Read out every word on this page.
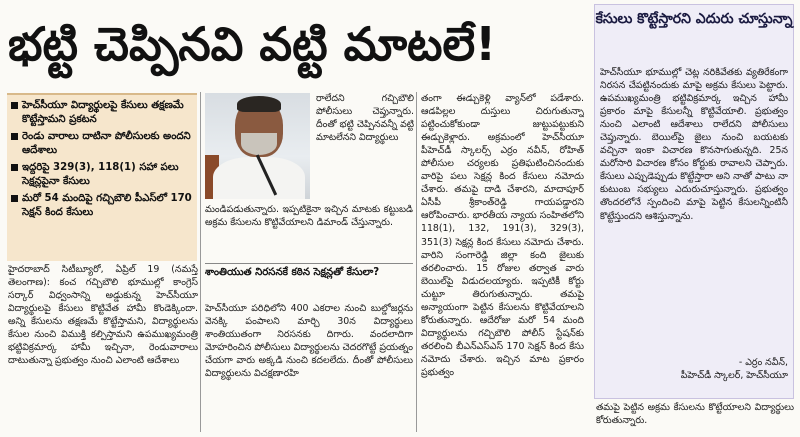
భట్టి చెప్పినవి వట్టి మాటలే!
హెచ్‌సీయూ విద్యార్థులపై కేసులు తక్షణమే కొట్టేస్తామని ప్రకటన
రెండు వారాలు దాటినా పోలీసులకు అందని ఆదేశాలు
ఇద్దరిపై 329(3), 118(1) సహా పలు సెక్షన్లపైనా కేసులు
మరో 54 మందిపై గచ్చిబౌలి పీఎస్‌లో 170 సెక్షన్ కింద కేసులు
హైదరాబాద్ సిటీబ్యూరో, ఏప్రిల్ 19 (నమస్తే తెలంగాణ): కంచ గచ్చిబౌలి భూముల్లో కాంగ్రెస్ సర్కార్ విధ్వంసాన్ని అడ్డుకున్న హెచ్‌సీయూ విద్యార్థులపై కేసులు కొట్టివేత హామీ కొండెక్కిందా. అన్ని కేసులను తక్షణమే కొట్టేస్తామని, విద్యార్థులను కేసుల నుంచి విముక్తి కల్పిస్తామని ఉపముఖ్యమంత్రి భట్టివిక్రమార్క హామీ ఇచ్చినా, రెండువారాలు దాటుతున్నా ప్రభుత్వం నుంచి ఎలాంటి ఆదేశాలు
రాలేదని గచ్చిబౌలి పోలీసులు చెప్తున్నారు. దీంతో భట్టి చెప్పినవన్నీ వట్టి మాటలేనని విద్యార్థులు
మండిపడుతున్నారు. ఇప్పటికైనా ఇచ్చిన మాటకు కట్టుబడి అక్రమ కేసులను కొట్టివేయాలని డిమాండ్ చేస్తున్నారు.
శాంతియుత నిరసనకే కఠిన సెక్షన్లతో కేసులా?
హెచ్‌సీయూ పరిధిలోని 400 ఎకరాల నుంచి బుల్డోజర్లను వెనక్కి పంపాలని మార్చి 30న విద్యార్థులు శాంతియుతంగా నిరసనకు దిగారు. వందలాదిగా మోహరించిన పోలీసులు విద్యార్థులను చెదరగొట్టే ప్రయత్నం చేయగా వారు అక్కడి నుంచి కదలలేదు. దీంతో పోలీసులు విద్యార్థులను విచక్షణారహి
తంగా ఈడ్చుకెళ్లి వ్యాన్‌లో పడేశారు. ఆడపిల్లల దుస్తులు చిరుగుతున్నా పట్టించుకోకుండా జుట్టుపట్టుకుని ఈడ్చుకెళ్లారు. అక్రమంలో హెచ్‌సీయూ పీహెచ్‌డీ స్కాలర్స్ ఎర్రం నవీన్, రోహిత్ పోలీసుల చర్యలకు ప్రతిఘటించినందుకు వారిపై పలు సెక్షన్ల కింద కేసులు నమోదు చేశారు. తమపై దాడి చేశారని, మాదాపూర్ ఏసీపీ శ్రీకాంత్‌రెడ్డి గాయపడ్డారని ఆరోపించారు. భారతీయ న్యాయ సంహితలోని 118(1), 132, 191(3), 329(3), 351(3) సెక్షన్ల కింద కేసులు నమోదు చేశారు. వారిని సంగారెడ్డి జిల్లా కంది జైలుకు తరలించారు. 15 రోజుల తర్వాత వారు బెయిల్‌పై విడుదలయ్యారు. ఇప్పటికీ కోర్టు చుట్టూ తిరుగుతున్నారు. తమపై అన్యాయంగా పెట్టిన కేసులను కొట్టివేయాలని కోరుతున్నారు. ఆదేరోజు మరో 54 మంది విద్యార్థులను గచ్చిబౌలి పోలీస్ స్టేషన్‌కు తరలించి బీఎన్ఎస్ఎస్ 170 సెక్షన్ కింద కేసు నమోదు చేశారు. ఇచ్చిన మాట ప్రకారం ప్రభుత్వం
కేసులు కొట్టేస్తారని ఎదురు చూస్తున్నా
హెచ్‌సీయూ భూముల్లో చెట్ల నరికివేతకు వ్యతిరేకంగా నిరసన చేపట్టినందుకు మాపై అక్రమ కేసులు పెట్టారు. ఉపముఖ్యమంత్రి భట్టివిక్రమార్క ఇచ్చిన హామీ ప్రకారం మాపై కేసులన్నీ కొట్టివేయాలి. ప్రభుత్వం నుంచి ఎలాంటి ఆదేశాలు రాలేదని పోలీసులు చెప్తున్నారు. బెయిల్‌పై జైలు నుంచి బయటకు వచ్చినా ఇంకా విచారణ కొనసాగుతున్నది. 25న మరోసారి విచారణ కోసం కోర్టుకు రావాలని చెప్పారు. కేసులు ఎప్పుడెప్పుడు కొట్టేస్తారా అని నాతో పాటు నా కుటుంబ సభ్యులు ఎదురుచూస్తున్నారు. ప్రభుత్వం తొందరలోనే స్పందించి మాపై పెట్టిన కేసులన్నింటినీ కొట్టేస్తుందని ఆశిస్తున్నాను.
- ఎర్రం నవీన్,
పీహెచ్‌డీ స్కాలర్, హెచ్‌సీయూ
తమపై పెట్టిన అక్రమ కేసులను కొట్టేయాలని విద్యార్థులు కోరుతున్నారు.
